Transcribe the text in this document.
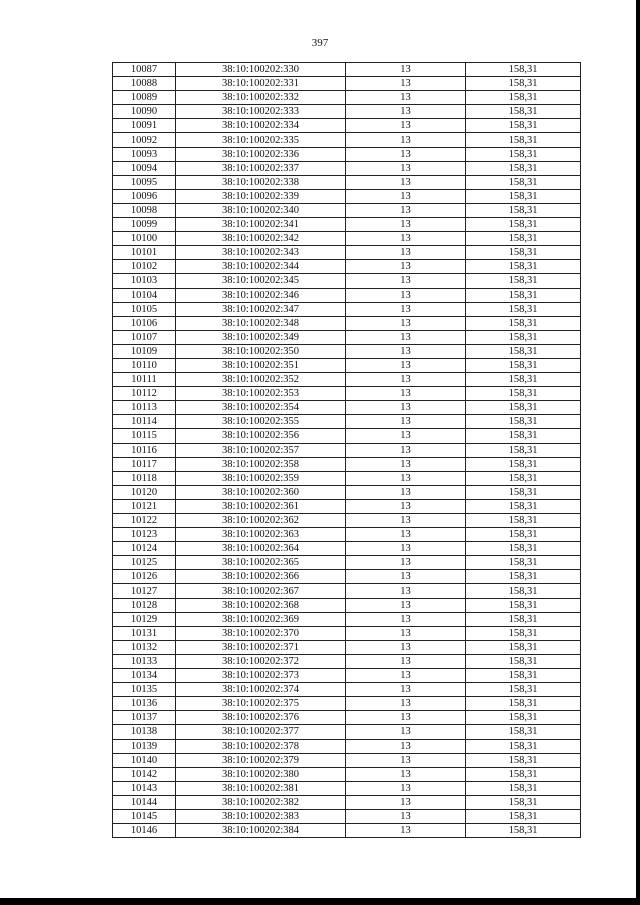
397
10087	38:10:100202:330	13	158,31
10088	38:10:100202:331	13	158,31
10089	38:10:100202:332	13	158,31
10090	38:10:100202:333	13	158,31
10091	38:10:100202:334	13	158,31
10092	38:10:100202:335	13	158,31
10093	38:10:100202:336	13	158,31
10094	38:10:100202:337	13	158,31
10095	38:10:100202:338	13	158,31
10096	38:10:100202:339	13	158,31
10098	38:10:100202:340	13	158,31
10099	38:10:100202:341	13	158,31
10100	38:10:100202:342	13	158,31
10101	38:10:100202:343	13	158,31
10102	38:10:100202:344	13	158,31
10103	38:10:100202:345	13	158,31
10104	38:10:100202:346	13	158,31
10105	38:10:100202:347	13	158,31
10106	38:10:100202:348	13	158,31
10107	38:10:100202:349	13	158,31
10109	38:10:100202:350	13	158,31
10110	38:10:100202:351	13	158,31
10111	38:10:100202:352	13	158,31
10112	38:10:100202:353	13	158,31
10113	38:10:100202:354	13	158,31
10114	38:10:100202:355	13	158,31
10115	38:10:100202:356	13	158,31
10116	38:10:100202:357	13	158,31
10117	38:10:100202:358	13	158,31
10118	38:10:100202:359	13	158,31
10120	38:10:100202:360	13	158,31
10121	38:10:100202:361	13	158,31
10122	38:10:100202:362	13	158,31
10123	38:10:100202:363	13	158,31
10124	38:10:100202:364	13	158,31
10125	38:10:100202:365	13	158,31
10126	38:10:100202:366	13	158,31
10127	38:10:100202:367	13	158,31
10128	38:10:100202:368	13	158,31
10129	38:10:100202:369	13	158,31
10131	38:10:100202:370	13	158,31
10132	38:10:100202:371	13	158,31
10133	38:10:100202:372	13	158,31
10134	38:10:100202:373	13	158,31
10135	38:10:100202:374	13	158,31
10136	38:10:100202:375	13	158,31
10137	38:10:100202:376	13	158,31
10138	38:10:100202:377	13	158,31
10139	38:10:100202:378	13	158,31
10140	38:10:100202:379	13	158,31
10142	38:10:100202:380	13	158,31
10143	38:10:100202:381	13	158,31
10144	38:10:100202:382	13	158,31
10145	38:10:100202:383	13	158,31
10146	38:10:100202:384	13	158,31
